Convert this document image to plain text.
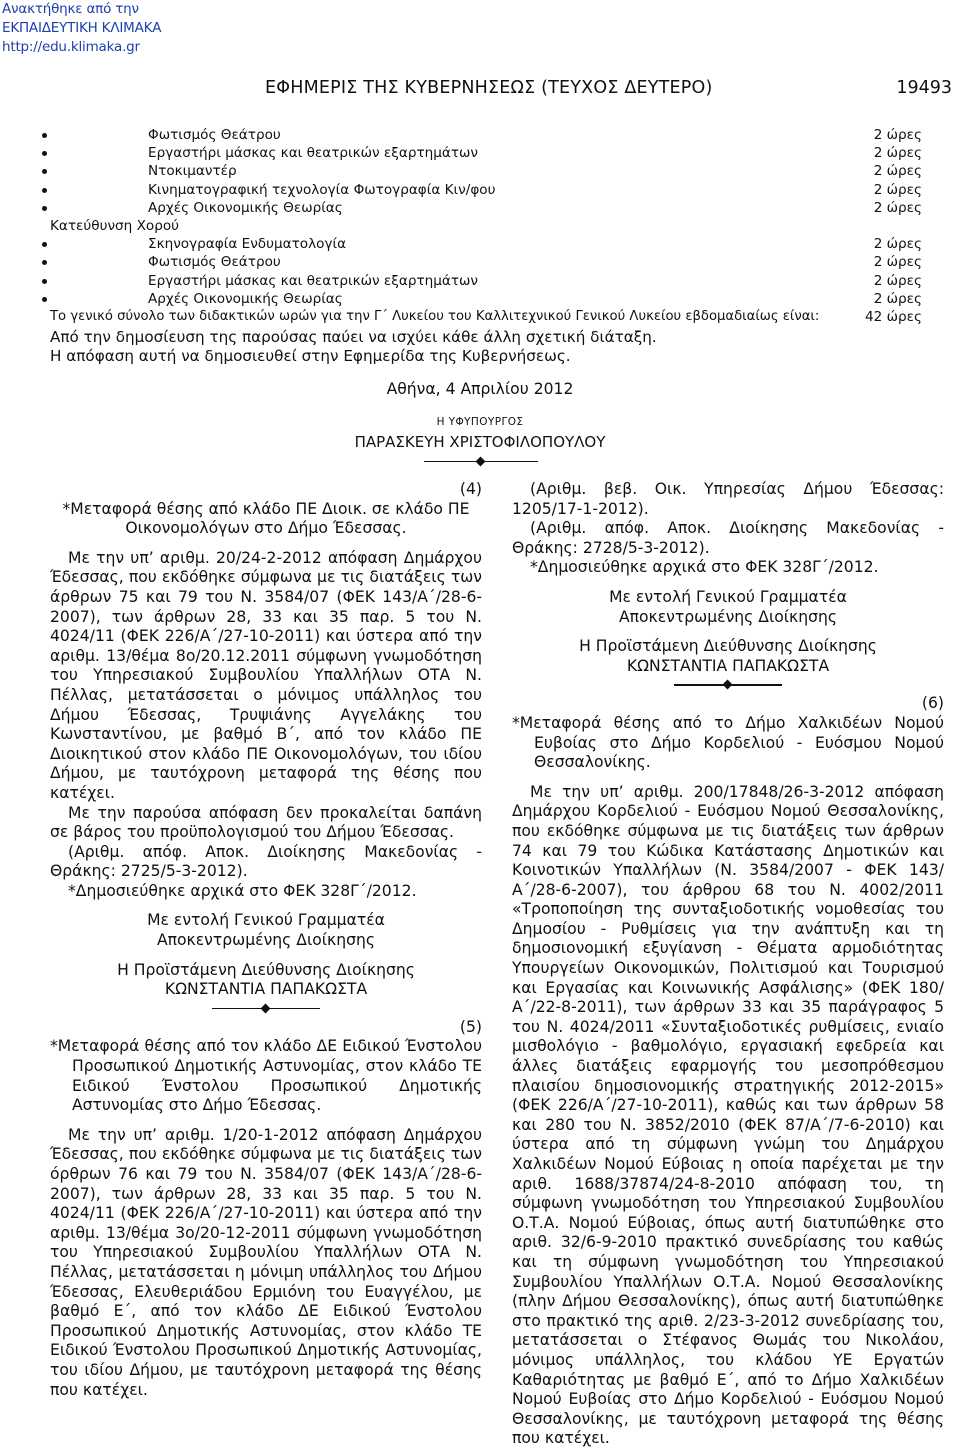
Ανακτήθηκε από την
ΕΚΠΑΙΔΕΥΤΙΚΗ ΚΛΙΜΑΚΑ
http://edu.klimaka.gr
ΕΦΗΜΕΡΙΣ ΤΗΣ ΚΥΒΕΡΝΗΣΕΩΣ (ΤΕΥΧΟΣ ΔΕΥΤΕΡΟ)	19493
Φωτισμός Θεάτρου	2 ώρες
Εργαστήρι μάσκας και θεατρικών εξαρτημάτων	2 ώρες
Ντοκιμαντέρ	2 ώρες
Κινηματογραφική τεχνολογία Φωτογραφία Κιν/φου	2 ώρες
Αρχές Οικονομικής Θεωρίας	2 ώρες
Κατεύθυνση Χορού
Σκηνογραφία Ενδυματολογία	2 ώρες
Φωτισμός Θεάτρου	2 ώρες
Εργαστήρι μάσκας και θεατρικών εξαρτημάτων	2 ώρες
Αρχές Οικονομικής Θεωρίας	2 ώρες
Το γενικό σύνολο των διδακτικών ωρών για την Γ΄ Λυκείου του Καλλιτεχνικού Γενικού Λυκείου εβδομαδιαίως είναι:	42 ώρες
Από την δημοσίευση της παρούσας παύει να ισχύει κάθε άλλη σχετική διάταξη.
Η απόφαση αυτή να δημοσιευθεί στην Εφημερίδα της Κυβερνήσεως.
Αθήνα, 4 Απριλίου 2012
Η ΥΦΥΠΟΥΡΓΟΣ
ΠΑΡΑΣΚΕΥΗ ΧΡΙΣΤΟΦΙΛΟΠΟΥΛΟΥ

(4)

*Μεταφορά θέσης από κλάδο ΠΕ Διοικ. σε κλάδο ΠΕ Οικονομολόγων στο Δήμο Έδεσσας.

Με την υπ’ αριθμ. 20/24-2-2012 απόφαση Δημάρχου Έδεσσας, που εκδόθηκε σύμφωνα με τις διατάξεις των άρθρων 75 και 79 του Ν. 3584/07 (ΦΕΚ 143/Α΄/28-6-2007), των άρθρων 28, 33 και 35 παρ. 5 του Ν. 4024/11 (ΦΕΚ 226/Α΄/27-10-2011) και ύστερα από την αριθμ. 13/θέμα 8ο/20.12.2011 σύμφωνη γνωμοδότηση του Υπηρεσιακού Συμβουλίου Υπαλλήλων ΟΤΑ Ν. Πέλλας, μετατάσσεται ο μόνιμος υπάλληλος του Δήμου Έδεσσας, Τρυψιάνης Αγγελάκης του Κωνσταντίνου, με βαθμό Β΄, από τον κλάδο ΠΕ Διοικητικού στον κλάδο ΠΕ Οικονομολόγων, του ιδίου Δήμου, με ταυτόχρονη μεταφορά της θέσης που κατέχει.

Με την παρούσα απόφαση δεν προκαλείται δαπάνη σε βάρος του προϋπολογισμού του Δήμου Έδεσσας.

(Αριθμ. απόφ. Αποκ. Διοίκησης Μακεδονίας - Θράκης: 2725/5-3-2012).

*Δημοσιεύθηκε αρχικά στο ΦΕΚ 328Γ΄/2012.

Με εντολή Γενικού Γραμματέα

Αποκεντρωμένης Διοίκησης

Η Προϊστάμενη Διεύθυνσης Διοίκησης

ΚΩΝΣΤΑΝΤΙΑ ΠΑΠΑΚΩΣΤΑ

(5)

*Μεταφορά θέσης από τον κλάδο ΔΕ Ειδικού Ένστολου Προσωπικού Δημοτικής Αστυνομίας, στον κλάδο ΤΕ Ειδικού Ένστολου Προσωπικού Δημοτικής Αστυνομίας στο Δήμο Έδεσσας.

Με την υπ’ αριθμ. 1/20-1-2012 απόφαση Δημάρχου Έδεσσας, που εκδόθηκε σύμφωνα με τις διατάξεις των όρθρων 76 και 79 του Ν. 3584/07 (ΦΕΚ 143/Α΄/28-6-2007), των άρθρων 28, 33 και 35 παρ. 5 του Ν. 4024/11 (ΦΕΚ 226/Α΄/27-10-2011) και ύστερα από την αριθμ. 13/θέμα 3ο/20-12-2011 σύμφωνη γνωμοδότηση του Υπηρεσιακού Συμβουλίου Υπαλλήλων ΟΤΑ Ν. Πέλλας, μετατάσσεται η μόνιμη υπάλληλος του Δήμου Έδεσσας, Ελευθεριάδου Ερμιόνη του Ευαγγέλου, με βαθμό Ε΄, από τον κλάδο ΔΕ Ειδικού Ένστολου Προσωπικού Δημοτικής Αστυνομίας, στον κλάδο ΤΕ Ειδικού Ένστολου Προσωπικού Δημοτικής Αστυνομίας, του ιδίου Δήμου, με ταυτόχρονη μεταφορά της θέσης που κατέχει.

(Αριθμ. βεβ. Οικ. Υπηρεσίας Δήμου Έδεσσας: 1205/17-1-2012).

(Αριθμ. απόφ. Αποκ. Διοίκησης Μακεδονίας - Θράκης: 2728/5-3-2012).

*Δημοσιεύθηκε αρχικά στο ΦΕΚ 328Γ΄/2012.

Με εντολή Γενικού Γραμματέα

Αποκεντρωμένης Διοίκησης

Η Προϊστάμενη Διεύθυνσης Διοίκησης

ΚΩΝΣΤΑΝΤΙΑ ΠΑΠΑΚΩΣΤΑ

(6)

*Μεταφορά θέσης από το Δήμο Χαλκιδέων Νομού Ευβοίας στο Δήμο Κορδελιού - Ευόσμου Νομού Θεσσαλονίκης.

Με την υπ’ αριθμ. 200/17848/26-3-2012 απόφαση Δημάρχου Κορδελιού - Ευόσμου Νομού Θεσσαλονίκης, που εκδόθηκε σύμφωνα με τις διατάξεις των άρθρων 74 και 79 του Κώδικα Κατάστασης Δημοτικών και Κοινοτικών Υπαλλήλων (Ν. 3584/2007 - ΦΕΚ 143/Α΄/28-6-2007), του άρθρου 68 του Ν. 4002/2011 «Τροποποίηση της συνταξιοδοτικής νομοθεσίας του Δημοσίου - Ρυθμίσεις για την ανάπτυξη και τη δημοσιονομική εξυγίανση - Θέματα αρμοδιότητας Υπουργείων Οικονομικών, Πολιτισμού και Τουρισμού και Εργασίας και Κοινωνικής Ασφάλισης» (ΦΕΚ 180/Α΄/22-8-2011), των άρθρων 33 και 35 παράγραφος 5 του Ν. 4024/2011 «Συνταξιοδοτικές ρυθμίσεις, ενιαίο μισθολόγιο - βαθμολόγιο, εργασιακή εφεδρεία και άλλες διατάξεις εφαρμογής του μεσοπρόθεσμου πλαισίου δημοσιονομικής στρατηγικής 2012-2015» (ΦΕΚ 226/Α΄/27-10-2011), καθώς και των άρθρων 58 και 280 του Ν. 3852/2010 (ΦΕΚ 87/Α΄/7-6-2010) και ύστερα από τη σύμφωνη γνώμη του Δημάρχου Χαλκιδέων Νομού Εύβοιας η οποία παρέχεται με την αριθ. 1688/37874/24-8-2010 απόφαση του, τη σύμφωνη γνωμοδότηση του Υπηρεσιακού Συμβουλίου Ο.Τ.Α. Νομού Εύβοιας, όπως αυτή διατυπώθηκε στο αριθ. 32/6-9-2010 πρακτικό συνεδρίασης του καθώς και τη σύμφωνη γνωμοδότηση του Υπηρεσιακού Συμβουλίου Υπαλλήλων Ο.Τ.Α. Νομού Θεσσαλονίκης (πλην Δήμου Θεσσαλονίκης), όπως αυτή διατυπώθηκε στο πρακτικό της αριθ. 2/23-3-2012 συνεδρίασης του, μετατάσσεται ο Στέφανος Θωμάς του Νικολάου, μόνιμος υπάλληλος, του κλάδου ΥΕ Εργατών Καθαριότητας με βαθμό Ε΄, από το Δήμο Χαλκιδέων Νομού Ευβοίας στο Δήμο Κορδελιού - Ευόσμου Νομού Θεσσαλονίκης, με ταυτόχρονη μεταφορά της θέσης που κατέχει.
